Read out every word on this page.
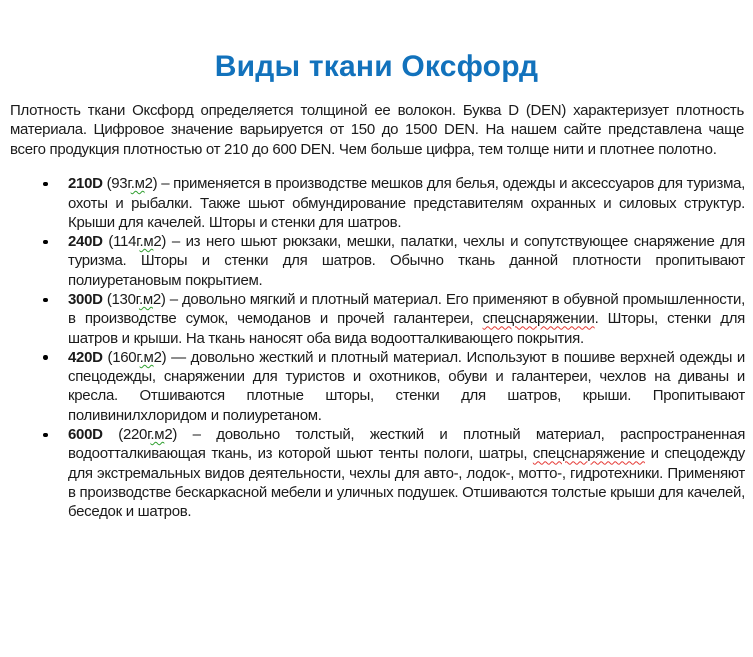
Виды ткани Оксфорд

Плотность ткани Оксфорд определяется толщиной ее волокон. Буква D (DEN) характеризует плотность материала. Цифровое значение варьируется от 150 до 1500 DEN. На нашем сайте представлена чаще всего продукция плотностью от 210 до 600 DEN. Чем больше цифра, тем толще нити и плотнее полотно.

210D (93г.м2) – применяется в производстве мешков для белья, одежды и аксессуаров для туризма, охоты и рыбалки. Также шьют обмундирование представителям охранных и силовых структур. Крыши для качелей. Шторы и стенки для шатров.
240D (114г.м2) – из него шьют рюкзаки, мешки, палатки, чехлы и сопутствующее снаряжение для туризма. Шторы и стенки для шатров. Обычно ткань данной плотности пропитывают полиуретановым покрытием.
300D (130г.м2) – довольно мягкий и плотный материал. Его применяют в обувной промышленности, в производстве сумок, чемоданов и прочей галантереи, спецснаряжении. Шторы, стенки для шатров и крыши. На ткань наносят оба вида водоотталкивающего покрытия.
420D (160г.м2) — довольно жесткий и плотный материал. Используют в пошиве верхней одежды и спецодежды, снаряжении для туристов и охотников, обуви и галантереи, чехлов на диваны и кресла. Отшиваются плотные шторы, стенки для шатров, крыши. Пропитывают поливинилхлоридом и полиуретаном.
600D (220г.м2) – довольно толстый, жесткий и плотный материал, распространенная водоотталкивающая ткань, из которой шьют тенты пологи, шатры, спецснаряжение и спецодежду для экстремальных видов деятельности, чехлы для авто-, лодок-, мотто-, гидротехники. Применяют в производстве бескаркасной мебели и уличных подушек. Отшиваются толстые крыши для качелей, беседок и шатров.
